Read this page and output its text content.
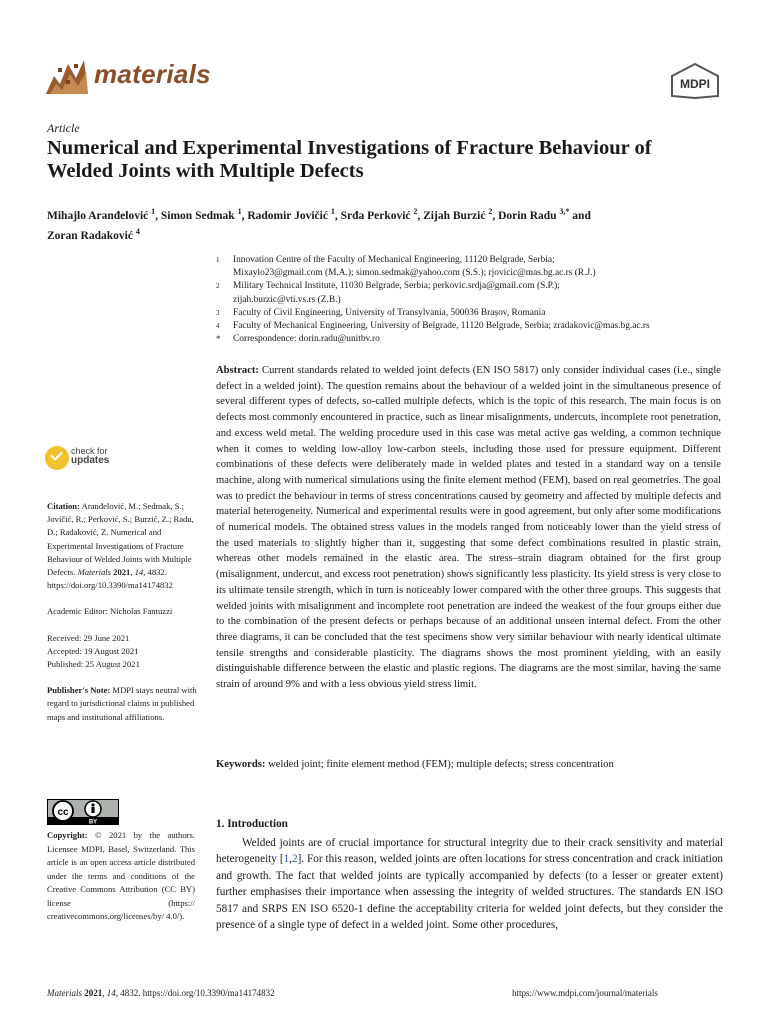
materials	MDPI
Article
Numerical and Experimental Investigations of Fracture Behaviour of Welded Joints with Multiple Defects
Mihajlo Aranđelović $^1$, Simon Sedmak $^1$, Radomir Jovičić $^1$, Srđa Perković $^2$, Zijah Burzić $^2$, Dorin Radu $^{3,*}$ and
Zoran Radaković $^4$
1	Innovation Centre of the Faculty of Mechanical Engineering, 11120 Belgrade, Serbia;
Mixaylo23@gmail.com (M.A.); simon.sedmak@yahoo.com (S.S.); rjovicic@mas.bg.ac.rs (R.J.)
2	Military Technical Institute, 11030 Belgrade, Serbia; perkovic.srdja@gmail.com (S.P.);
zijah.burzic@vti.vs.rs (Z.B.)
3	Faculty of Civil Engineering, University of Transylvania, 500036 Brașov, Romania
4	Faculty of Mechanical Engineering, University of Belgrade, 11120 Belgrade, Serbia; zradakovic@mas.bg.ac.rs
*	Correspondence: dorin.radu@unitbv.ro
Abstract: Current standards related to welded joint defects (EN ISO 5817) only consider individual cases (i.e., single defect in a welded joint). The question remains about the behaviour of a welded joint in the simultaneous presence of several different types of defects, so-called multiple defects, which is the topic of this research. The main focus is on defects most commonly encountered in practice, such as linear misalignments, undercuts, incomplete root penetration, and excess weld metal. The welding procedure used in this case was metal active gas welding, a common technique when it comes to welding low-alloy low-carbon steels, including those used for pressure equipment. Different combinations of these defects were deliberately made in welded plates and tested in a standard way on a tensile machine, along with numerical simulations using the finite element method (FEM), based on real geometries. The goal was to predict the behaviour in terms of stress concentrations caused by geometry and affected by multiple defects and material heterogeneity. Numerical and experimental results were in good agreement, but only after some modifications of numerical models. The obtained stress values in the models ranged from noticeably lower than the yield stress of the used materials to slightly higher than it, suggesting that some defect combinations resulted in plastic strain, whereas other models remained in the elastic area. The stress–strain diagram obtained for the first group (misalignment, undercut, and excess root penetration) shows significantly less plasticity. Its yield stress is very close to its ultimate tensile strength, which in turn is noticeably lower compared with the other three groups. This suggests that welded joints with misalignment and incomplete root penetration are indeed the weakest of the four groups either due to the combination of the present defects or perhaps because of an additional unseen internal defect. From the other three diagrams, it can be concluded that the test specimens show very similar behaviour with nearly identical ultimate tensile strengths and considerable plasticity. The diagrams shows the most prominent yielding, with an easily distinguishable difference between the elastic and plastic regions. The diagrams are the most similar, having the same strain of around 9% and with a less obvious yield stress limit.
Keywords: welded joint; finite element method (FEM); multiple defects; stress concentration
check for
updates

Citation: Aranđelović, M.; Sedmak, S.; Jovičić, R.; Perković, S.; Burzić, Z.; Radu, D.; Radaković, Z. Numerical and Experimental Investigations of Fracture Behaviour of Welded Joints with Multiple Defects. Materials 2021, 14, 4832. https://doi.org/10.3390/ma14174832

Academic Editor: Nicholas Fantuzzi

Received: 29 June 2021

Accepted: 19 August 2021

Published: 25 August 2021

Publisher's Note: MDPI stays neutral with regard to jurisdictional claims in published maps and institutional affiliations.

cc
BY
Copyright: © 2021 by the authors. Licensee MDPI, Basel, Switzerland. This article is an open access article distributed under the terms and conditions of the Creative Commons Attribution (CC BY) license (https:// creativecommons.org/licenses/by/ 4.0/).
1. Introduction
Welded joints are of crucial importance for structural integrity due to their crack sensitivity and material heterogeneity [1,2]. For this reason, welded joints are often locations for stress concentration and crack initiation and growth. The fact that welded joints are typically accompanied by defects (to a lesser or greater extent) further emphasises their importance when assessing the integrity of welded structures. The standards EN ISO 5817 and SRPS EN ISO 6520-1 define the acceptability criteria for welded joint defects, but they consider the presence of a single type of defect in a welded joint. Some other procedures,
Materials 2021, 14, 4832. https://doi.org/10.3390/ma14174832	https://www.mdpi.com/journal/materials
